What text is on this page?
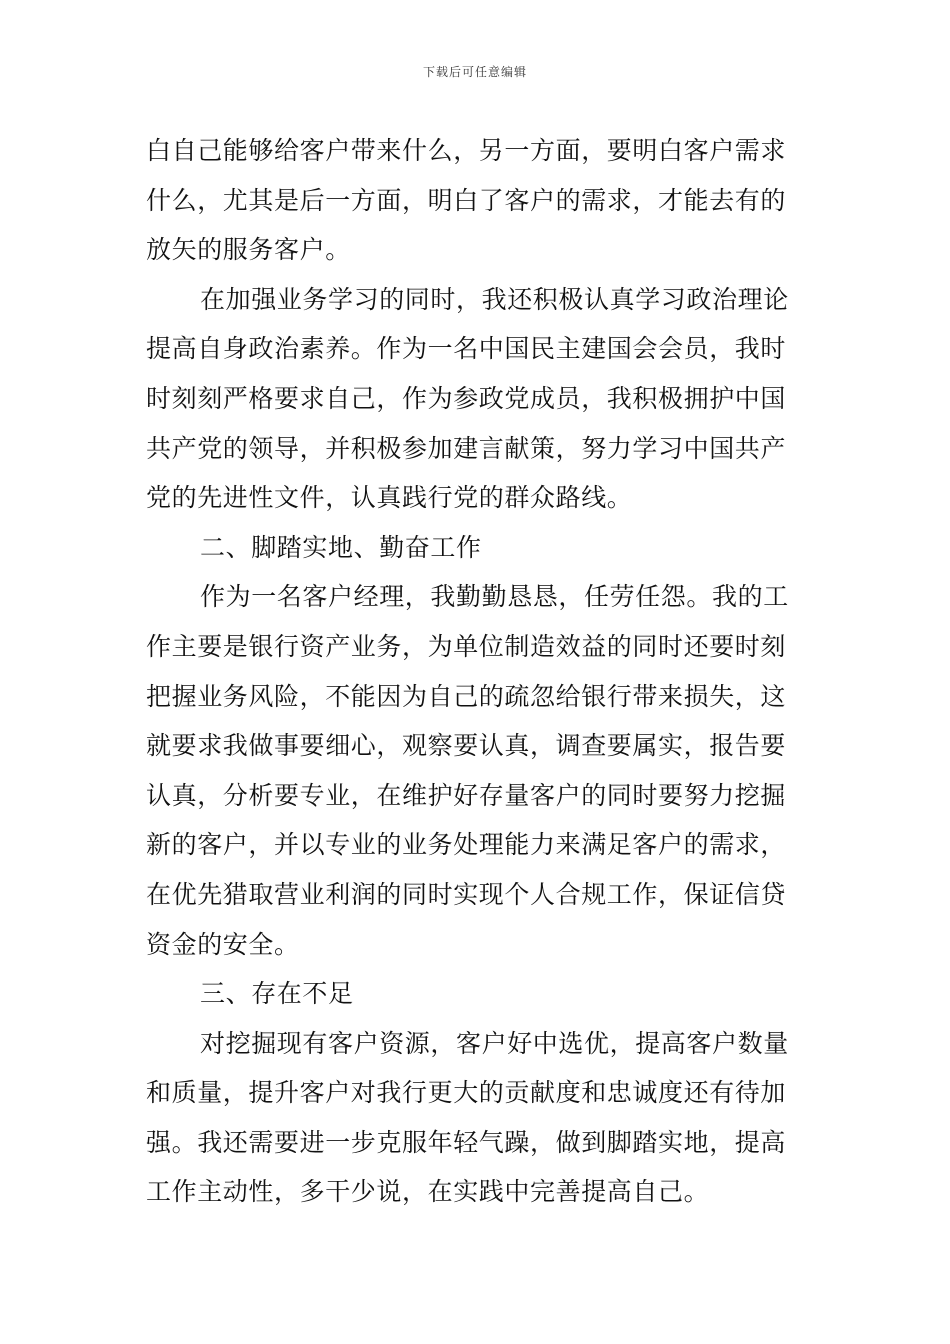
下载后可任意编辑
白自己能够给客户带来什么，另一方面，要明白客户需求
什么，尤其是后一方面，明白了客户的需求，才能去有的
放矢的服务客户。
在加强业务学习的同时，我还积极认真学习政治理论
提高自身政治素养。作为一名中国民主建国会会员，我时
时刻刻严格要求自己，作为参政党成员，我积极拥护中国
共产党的领导，并积极参加建言献策，努力学习中国共产
党的先进性文件，认真践行党的群众路线。
二、脚踏实地、勤奋工作
作为一名客户经理，我勤勤恳恳，任劳任怨。我的工
作主要是银行资产业务，为单位制造效益的同时还要时刻
把握业务风险，不能因为自己的疏忽给银行带来损失，这
就要求我做事要细心，观察要认真，调查要属实，报告要
认真，分析要专业，在维护好存量客户的同时要努力挖掘
新的客户，并以专业的业务处理能力来满足客户的需求，
在优先猎取营业利润的同时实现个人合规工作，保证信贷
资金的安全。
三、存在不足
对挖掘现有客户资源，客户好中选优，提高客户数量
和质量，提升客户对我行更大的贡献度和忠诚度还有待加
强。我还需要进一步克服年轻气躁，做到脚踏实地，提高
工作主动性，多干少说，在实践中完善提高自己。
